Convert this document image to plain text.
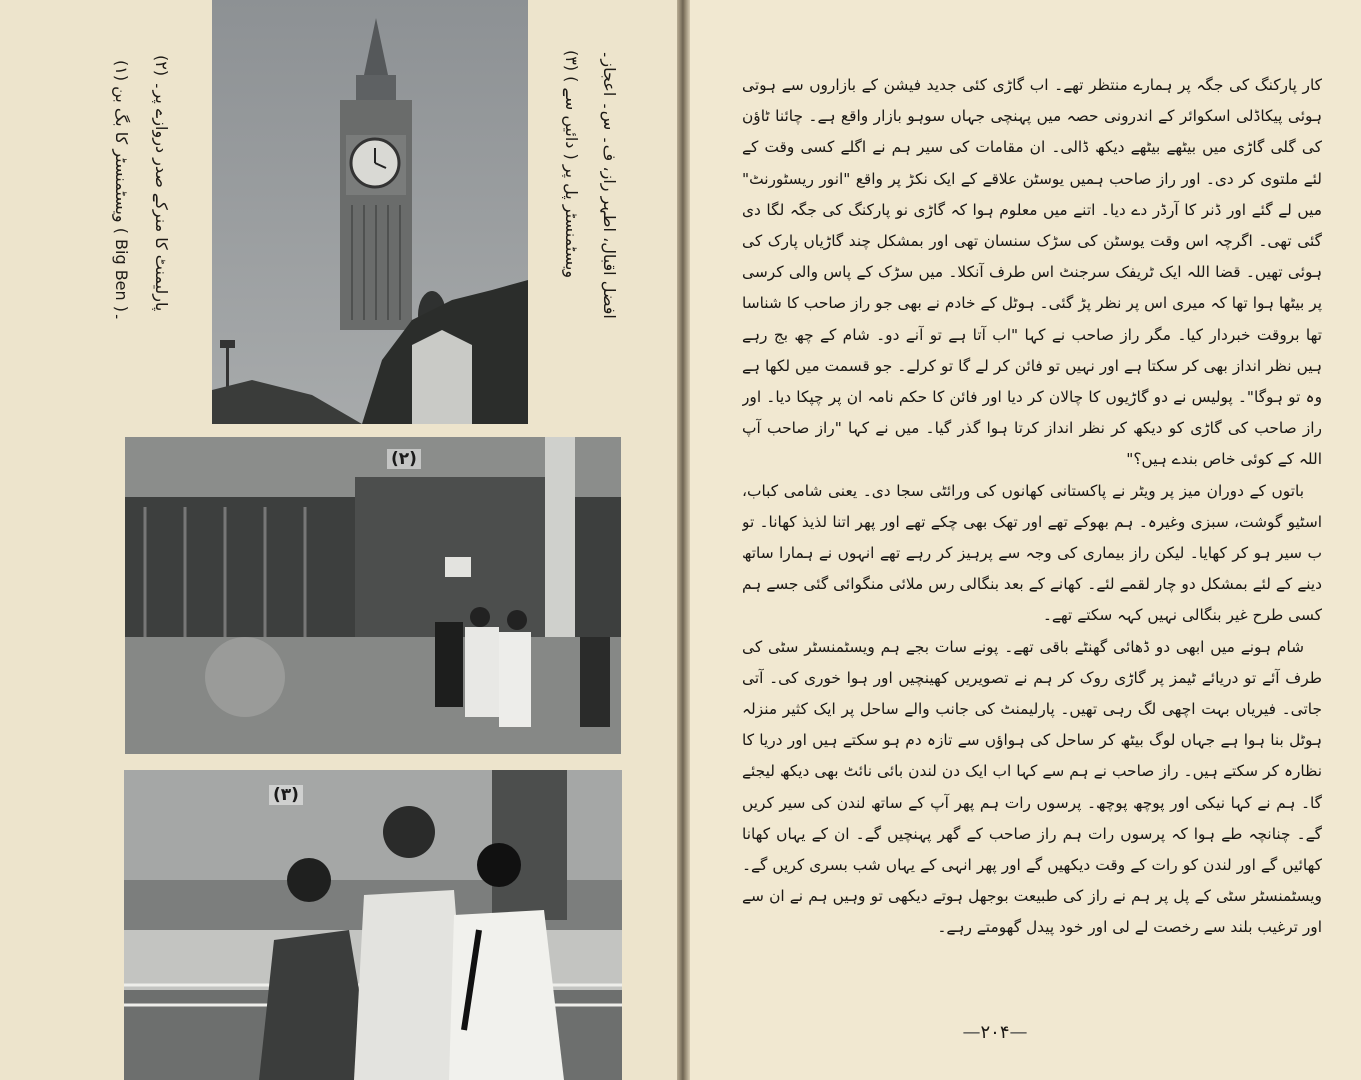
(۲)
(۳)
(۱) ویسٹمنسٹر کا بگ بن ( Big Ben )۔
(۲) پارلیمنٹ کا منرکے صدر دروازے پر۔
(۳) ویسٹمنسٹر پل پر ( دائیں سے ) افضل اقبال، اطہر راز، ف۔ س۔ اعجاز۔	کار پارکنگ کی جگہ پر ہمارے منتظر تھے۔ اب گاڑی کئی جدید فیشن کے بازاروں سے ہوتی ہوئی پیکاڈلی اسکوائر کے اندرونی حصہ میں پہنچی جہاں سوہو بازار واقع ہے۔ چائنا ٹاؤن کی گلی گاڑی میں بیٹھے بیٹھے دیکھ ڈالی۔ ان مقامات کی سیر ہم نے اگلے کسی وقت کے لئے ملتوی کر دی۔ اور راز صاحب ہمیں یوسٹن علاقے کے ایک نکڑ پر واقع "انور ریسٹورنٹ" میں لے گئے اور ڈنر کا آرڈر دے دیا۔ اتنے میں معلوم ہوا کہ گاڑی نو پارکنگ کی جگہ لگا دی گئی تھی۔ اگرچہ اس وقت یوسٹن کی سڑک سنسان تھی اور بمشکل چند گاڑیاں پارک کی ہوئی تھیں۔ قضا اللہ ایک ٹریفک سرجنٹ اس طرف آنکلا۔ میں سڑک کے پاس والی کرسی پر بیٹھا ہوا تھا کہ میری اس پر نظر پڑ گئی۔ ہوٹل کے خادم نے بھی جو راز صاحب کا شناسا تھا بروقت خبردار کیا۔ مگر راز صاحب نے کہا "اب آتا ہے تو آنے دو۔ شام کے چھ بج رہے ہیں نظر انداز بھی کر سکتا ہے اور نہیں تو فائن کر لے گا تو کرلے۔ جو قسمت میں لکھا ہے وہ تو ہوگا"۔ پولیس نے دو گاڑیوں کا چالان کر دیا اور فائن کا حکم نامہ ان پر چپکا دیا۔ اور راز صاحب کی گاڑی کو دیکھ کر نظر انداز کرتا ہوا گذر گیا۔ میں نے کہا "راز صاحب آپ اللہ کے کوئی خاص بندے ہیں؟"

باتوں کے دوران میز پر ویٹر نے پاکستانی کھانوں کی ورائٹی سجا دی۔ یعنی شامی کباب، اسٹیو گوشت، سبزی وغیرہ۔ ہم بھوکے تھے اور تھک بھی چکے تھے اور پھر اتنا لذیذ کھانا۔ تو ب سیر ہو کر کھایا۔ لیکن راز بیماری کی وجہ سے پرہیز کر رہے تھے انہوں نے ہمارا ساتھ دینے کے لئے بمشکل دو چار لقمے لئے۔ کھانے کے بعد بنگالی رس ملائی منگوائی گئی جسے ہم کسی طرح غیر بنگالی نہیں کہہ سکتے تھے۔

شام ہونے میں ابھی دو ڈھائی گھنٹے باقی تھے۔ پونے سات بجے ہم ویسٹمنسٹر سٹی کی طرف آئے تو دریائے ٹیمز پر گاڑی روک کر ہم نے تصویریں کھینچیں اور ہوا خوری کی۔ آتی جاتی۔ فیریاں بہت اچھی لگ رہی تھیں۔ پارلیمنٹ کی جانب والے ساحل پر ایک کثیر منزلہ ہوٹل بنا ہوا ہے جہاں لوگ بیٹھ کر ساحل کی ہواؤں سے تازہ دم ہو سکتے ہیں اور دریا کا نظارہ کر سکتے ہیں۔ راز صاحب نے ہم سے کہا اب ایک دن لندن بائی نائٹ بھی دیکھ لیجئے گا۔ ہم نے کہا نیکی اور پوچھ پوچھ۔ پرسوں رات ہم پھر آپ کے ساتھ لندن کی سیر کریں گے۔ چنانچہ طے ہوا کہ پرسوں رات ہم راز صاحب کے گھر پہنچیں گے۔ ان کے یہاں کھانا کھائیں گے اور لندن کو رات کے وقت دیکھیں گے اور پھر انہی کے یہاں شب بسری کریں گے۔ ویسٹمنسٹر سٹی کے پل پر ہم نے راز کی طبیعت بوجھل ہوتے دیکھی تو وہیں ہم نے ان سے اور ترغیب بلند سے رخصت لے لی اور خود پیدل گھومتے رہے۔

— ۲۰۴ —
